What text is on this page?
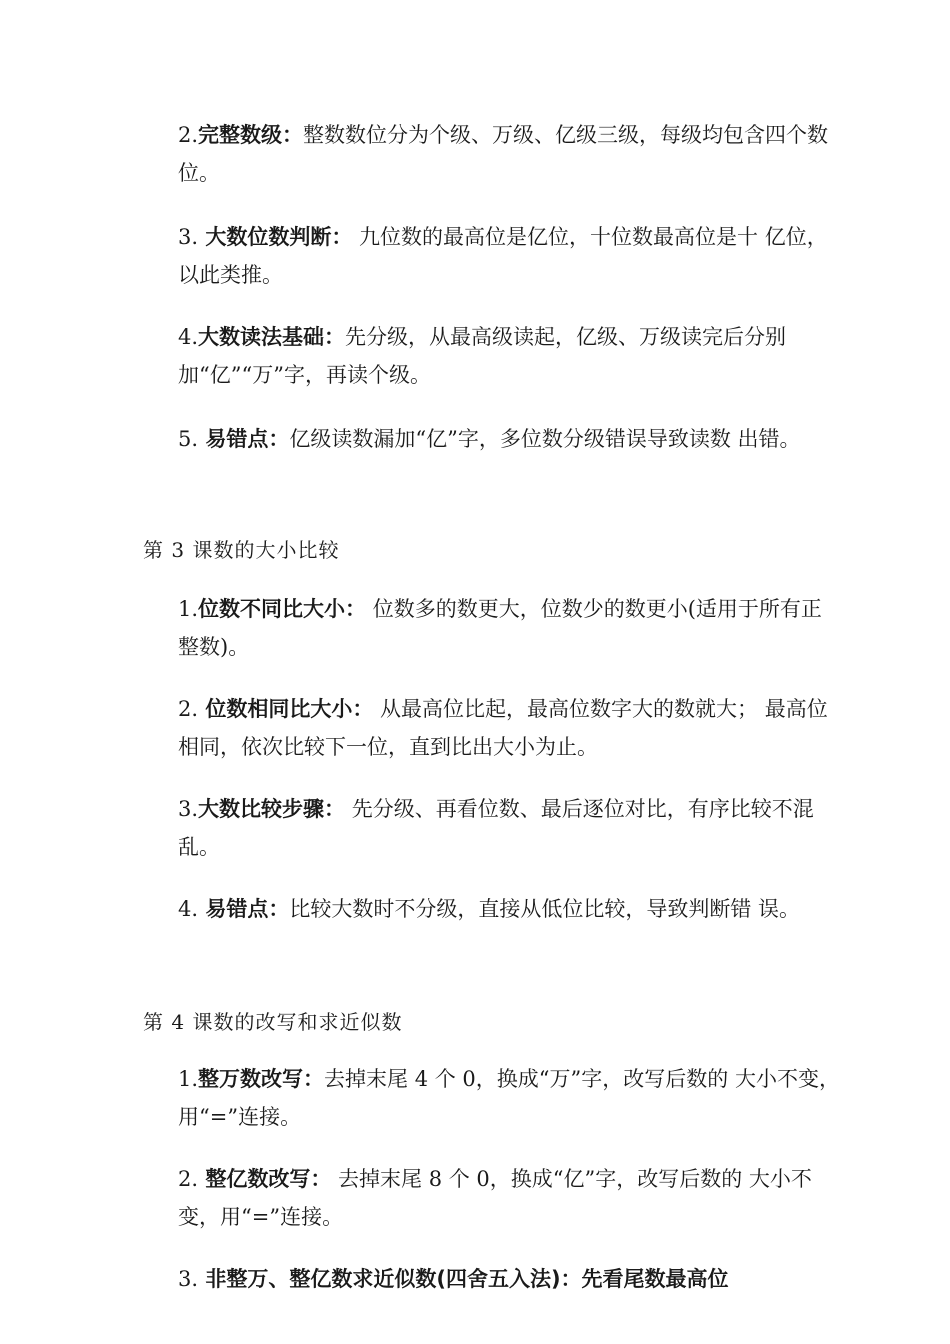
2.完整数级：整数数位分为个级、万级、亿级三级，每级均包含四个数位。

3. 大数位数判断： 九位数的最高位是亿位，十位数最高位是十 亿位，以此类推。

4.大数读法基础：先分级，从最高级读起，亿级、万级读完后分别加“亿”“万”字，再读个级。

5. 易错点：亿级读数漏加“亿”字，多位数分级错误导致读数 出错。

第 3 课数的大小比较

1.位数不同比大小： 位数多的数更大，位数少的数更小(适用于所有正整数)。

2. 位数相同比大小： 从最高位比起，最高位数字大的数就大； 最高位相同，依次比较下一位，直到比出大小为止。

3.大数比较步骤： 先分级、再看位数、最后逐位对比，有序比较不混乱。

4. 易错点：比较大数时不分级，直接从低位比较，导致判断错 误。

第 4 课数的改写和求近似数

1.整万数改写：去掉末尾 4 个 0，换成“万”字，改写后数的 大小不变，用“=”连接。

2. 整亿数改写： 去掉末尾 8 个 0，换成“亿”字，改写后数的 大小不变，用“=”连接。

3. 非整万、整亿数求近似数(四舍五入法)：先看尾数最高位
